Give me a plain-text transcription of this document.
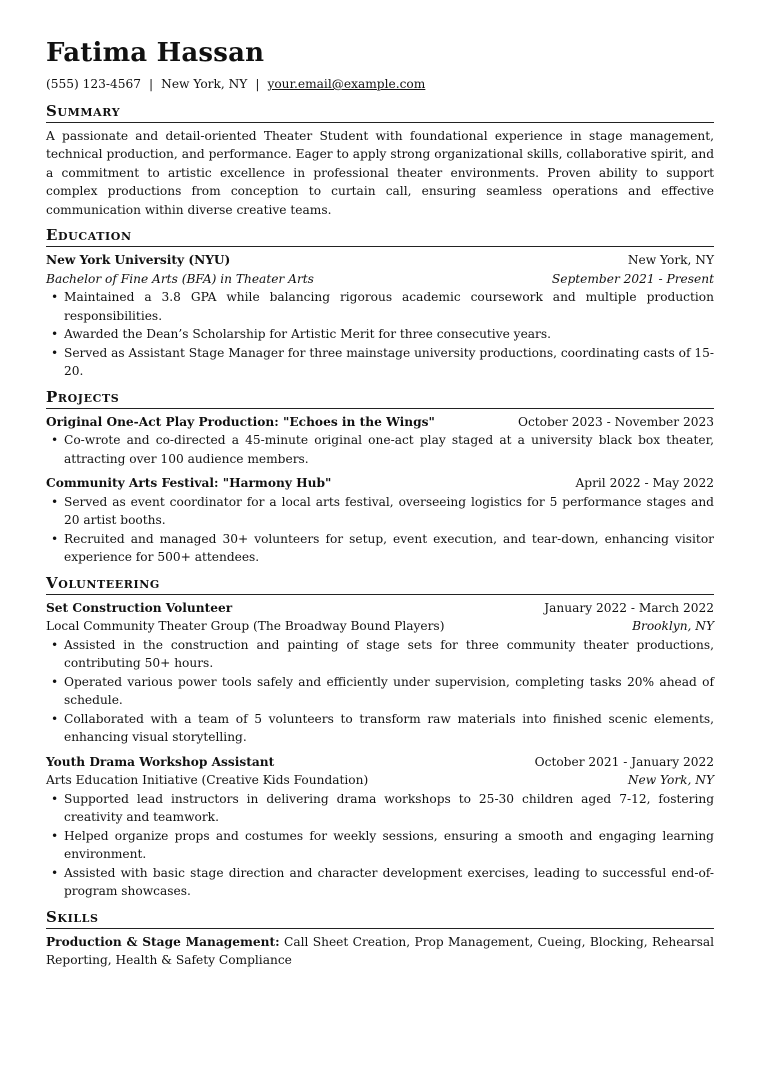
Fatima Hassan
(555) 123-4567 | New York, NY | your.email@example.com
Summary

A passionate and detail-oriented Theater Student with foundational experience in stage management, technical production, and performance. Eager to apply strong organizational skills, collaborative spirit, and a commitment to artistic excellence in professional theater environments. Proven ability to support complex productions from conception to curtain call, ensuring seamless operations and effective communication within diverse creative teams.

Education
New York University (NYU)	New York, NY
Bachelor of Fine Arts (BFA) in Theater Arts	September 2021 - Present
• Maintained a 3.8 GPA while balancing rigorous academic coursework and multiple production responsibilities.
• Awarded the Dean’s Scholarship for Artistic Merit for three consecutive years.
• Served as Assistant Stage Manager for three mainstage university productions, coordinating casts of 15-20.
Projects
Original One-Act Play Production: "Echoes in the Wings"	October 2023 - November 2023
• Co-wrote and co-directed a 45-minute original one-act play staged at a university black box theater, attracting over 100 audience members.
Community Arts Festival: "Harmony Hub"	April 2022 - May 2022
• Served as event coordinator for a local arts festival, overseeing logistics for 5 performance stages and 20 artist booths.
• Recruited and managed 30+ volunteers for setup, event execution, and tear-down, enhancing visitor experience for 500+ attendees.
Volunteering
Set Construction Volunteer	January 2022 - March 2022
Local Community Theater Group (The Broadway Bound Players)	Brooklyn, NY
• Assisted in the construction and painting of stage sets for three community theater productions, contributing 50+ hours.
• Operated various power tools safely and efficiently under supervision, completing tasks 20% ahead of schedule.
• Collaborated with a team of 5 volunteers to transform raw materials into finished scenic elements, enhancing visual storytelling.
Youth Drama Workshop Assistant	October 2021 - January 2022
Arts Education Initiative (Creative Kids Foundation)	New York, NY
• Supported lead instructors in delivering drama workshops to 25-30 children aged 7-12, fostering creativity and teamwork.
• Helped organize props and costumes for weekly sessions, ensuring a smooth and engaging learning environment.
• Assisted with basic stage direction and character development exercises, leading to successful end-of-program showcases.
Skills

Production & Stage Management: Call Sheet Creation, Prop Management, Cueing, Blocking, Rehearsal Reporting, Health & Safety Compliance
